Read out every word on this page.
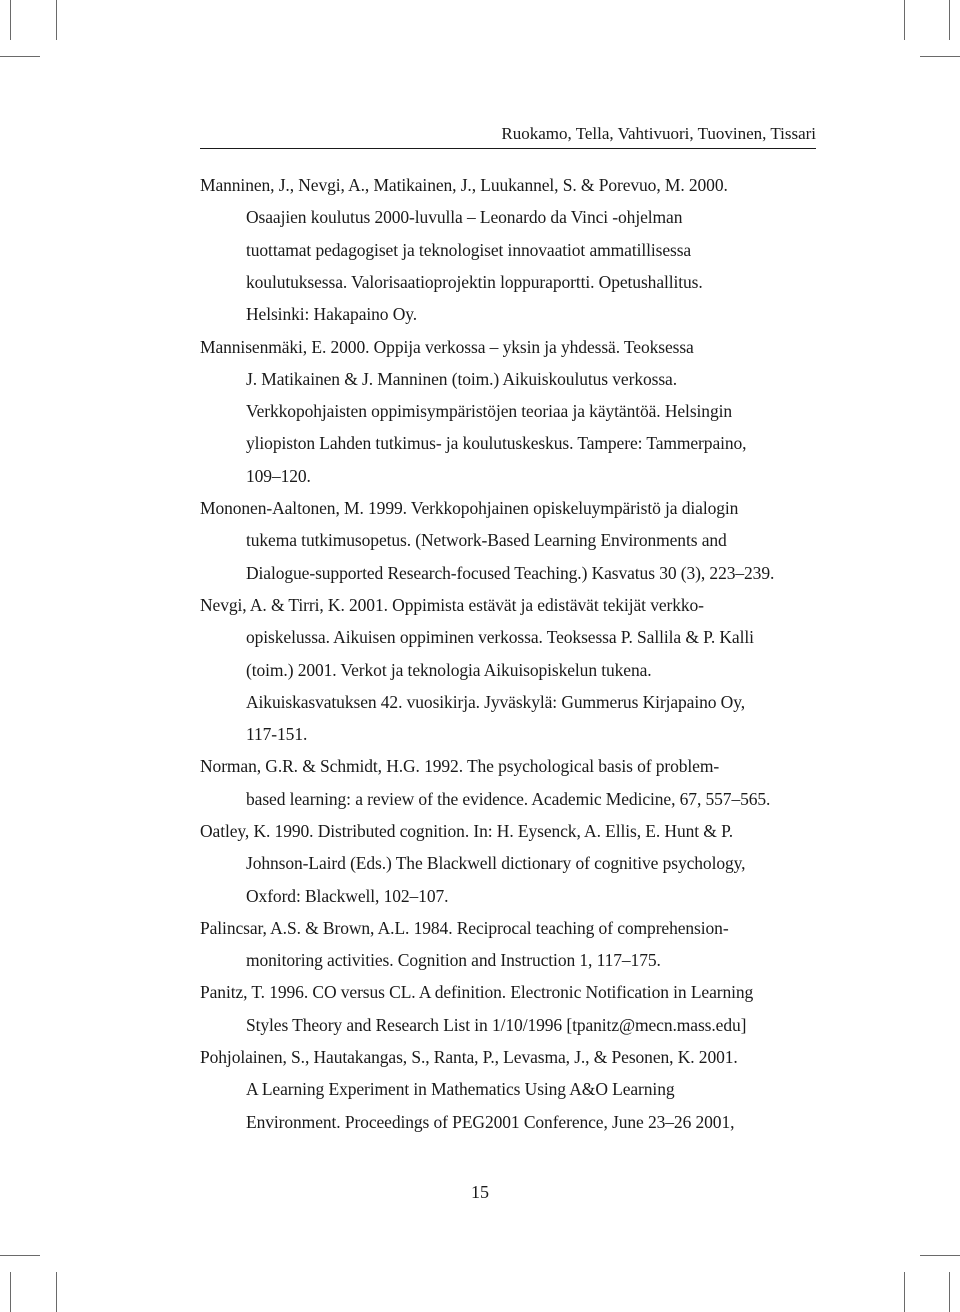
Ruokamo, Tella, Vahtivuori, Tuovinen, Tissari
Manninen, J., Nevgi, A., Matikainen, J., Luukannel, S. & Porevuo, M. 2000.
Osaajien koulutus 2000-luvulla – Leonardo da Vinci -ohjelman
tuottamat pedagogiset ja teknologiset innovaatiot ammatillisessa
koulutuksessa. Valorisaatioprojektin loppuraportti. Opetushallitus.
Helsinki: Hakapaino Oy.
Mannisenmäki, E. 2000. Oppija verkossa – yksin ja yhdessä. Teoksessa
J. Matikainen & J. Manninen (toim.) Aikuiskoulutus verkossa.
Verkkopohjaisten oppimisympäristöjen teoriaa ja käytäntöä. Helsingin
yliopiston Lahden tutkimus- ja koulutuskeskus. Tampere: Tammerpaino,
109–120.
Mononen-Aaltonen, M. 1999. Verkkopohjainen opiskeluympäristö ja dialogin
tukema tutkimusopetus. (Network-Based Learning Environments and
Dialogue-supported Research-focused Teaching.) Kasvatus 30 (3), 223–239.
Nevgi, A. & Tirri, K. 2001. Oppimista estävät ja edistävät tekijät verkko-
opiskelussa. Aikuisen oppiminen verkossa. Teoksessa P. Sallila & P. Kalli
(toim.) 2001. Verkot ja teknologia Aikuisopiskelun tukena.
Aikuiskasvatuksen 42. vuosikirja. Jyväskylä: Gummerus Kirjapaino Oy,
117-151.
Norman, G.R. & Schmidt, H.G. 1992. The psychological basis of problem-
based learning: a review of the evidence. Academic Medicine, 67, 557–565.
Oatley, K. 1990. Distributed cognition. In: H. Eysenck, A. Ellis, E. Hunt & P.
Johnson-Laird (Eds.) The Blackwell dictionary of cognitive psychology,
Oxford: Blackwell, 102–107.
Palincsar, A.S. & Brown, A.L. 1984. Reciprocal teaching of comprehension-
monitoring activities. Cognition and Instruction 1, 117–175.
Panitz, T. 1996. CO versus CL. A definition. Electronic Notification in Learning
Styles Theory and Research List in 1/10/1996 [tpanitz@mecn.mass.edu]
Pohjolainen, S., Hautakangas, S., Ranta, P., Levasma, J., & Pesonen, K. 2001.
A Learning Experiment in Mathematics Using A&O Learning
Environment. Proceedings of PEG2001 Conference, June 23–26 2001,
15
